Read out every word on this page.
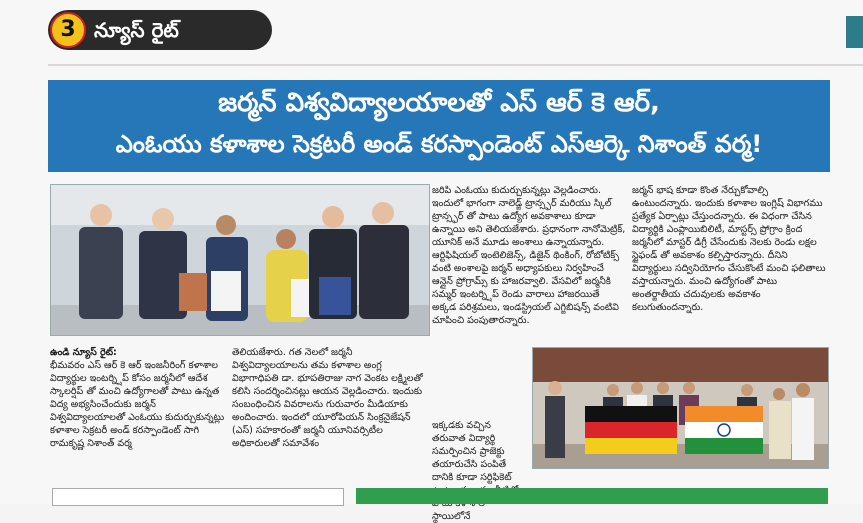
3 న్యూస్ రైట్
జర్మన్ విశ్వవిద్యాలయాలతో ఎస్ ఆర్ కె ఆర్,
ఎంఓయు కళాశాల సెక్రటరీ అండ్ కరస్పాండెంట్ ఎస్ఆర్కె నిశాంత్ వర్మ!

ఉండి న్యూస్ రైట్:

భీమవరం ఎస్ ఆర్ కె ఆర్ ఇంజనీరింగ్ కళాశాల విద్యార్థుల ఇంటర్న్షిప్ కోసం జర్మనీలో ఆదేశ స్కాలర్షిప్ తో మంచి ఉద్యోగాలతో పాటు ఉన్నత విద్య అభ్యసించేందుకు జర్మన్ విశ్వవిద్యాలయాలతో ఎంఓయు కుదుర్చుకున్నట్లు కళాశాల సెక్రటరీ అండ్ కరస్పాండెంట్ సాగి రామకృష్ణ నిశాంత్ వర్మ

తెలియజేశారు. గత నెలలో జర్మనీ విశ్వవిద్యాలయాలను తమ కళాశాల అంగ్ల విభాగాధిపతి డా. భూపతిరాజు నాగ వెంకట లక్ష్మిలతో కలిసి సందర్శించినట్లు ఆయన వెల్లడించారు. ఇందుకు సంబంధించిన వివరాలను గురువారం మీడియాకు అందించారు. ఇందలో యూరోపియన్ సింక్రనైజేషన్ (ఎస్) సహకారంతో జర్మనీ యూనివర్సిటీల అధికారులతో సమావేశం

జరిపి ఎంఓయు కుదుర్చుకున్నట్లు వెల్లడించారు. ఇందులో భాగంగా నాలెడ్జ్ ట్రాన్స్ఫర్ మరియు స్కిల్ ట్రాన్స్ఫర్ తో పాటు ఉద్యోగ అవకాశాలు కూడా ఉన్నాయి అని తెలియజేశారు. ప్రధానంగా నానోమెట్రిక్, యూనిక్ అనే మూడు అంశాలు ఉన్నాయన్నారు. ఆర్టిఫిషియల్ ఇంటెలిజెన్స్, డిజైన్ థింకింగ్, రోబోటిక్స్ వంటి అంశాలపై జర్మన్ అధ్యాపకులు నిర్వహించే ఆన్లైన్ ప్రోగ్రామ్స్ కు హాజరవ్వాలి. వేసవిలో జర్మనీకి సమ్మర్ ఇంటర్న్షిప్ రెండు వారాలు హాజరయితే అక్కడ పరిశ్రమలు, ఇండస్ట్రియల్ ఎగ్జిబిషన్స్ వంటివి చూపించి పంపుతారన్నారు.

ఇక్కడకు వచ్చిన తరువాత విద్యార్థి సమర్పించిన ప్రాజెక్టు తయారుచేసి పంపితే దానికి కూడా సర్టిఫికెట్ స్థాయిలోనే

జర్మన్ భాష కూడా కొంత నేర్చుకోవాల్సి ఉంటుందన్నారు. ఇందుకు కళాశాల ఇంగ్లిష్ విభాగము ప్రత్యేక ఏర్పాట్లు చేస్తుందన్నారు. ఈ విధంగా చేసిన విద్యార్థికి ఎంప్లాయిబిలిటీ, మాస్టర్స్ ప్రోగ్రాం క్రింద జర్మనీలో మాస్టర్ డిగ్రీ చేసేందుకు నెలకు రెండు లక్షల స్టైఫండ్ తో అవకాశం కల్పిస్తారన్నారు. దీనిని విద్యార్థులు సద్వినియోగం చేసుకొంటే మంచి ఫలితాలు వస్తాయన్నారు. మంచి ఉద్యోగంతో పాటు అంతర్జాతీయ చదువులకు అవకాశం కలుగుతుందన్నారు.
